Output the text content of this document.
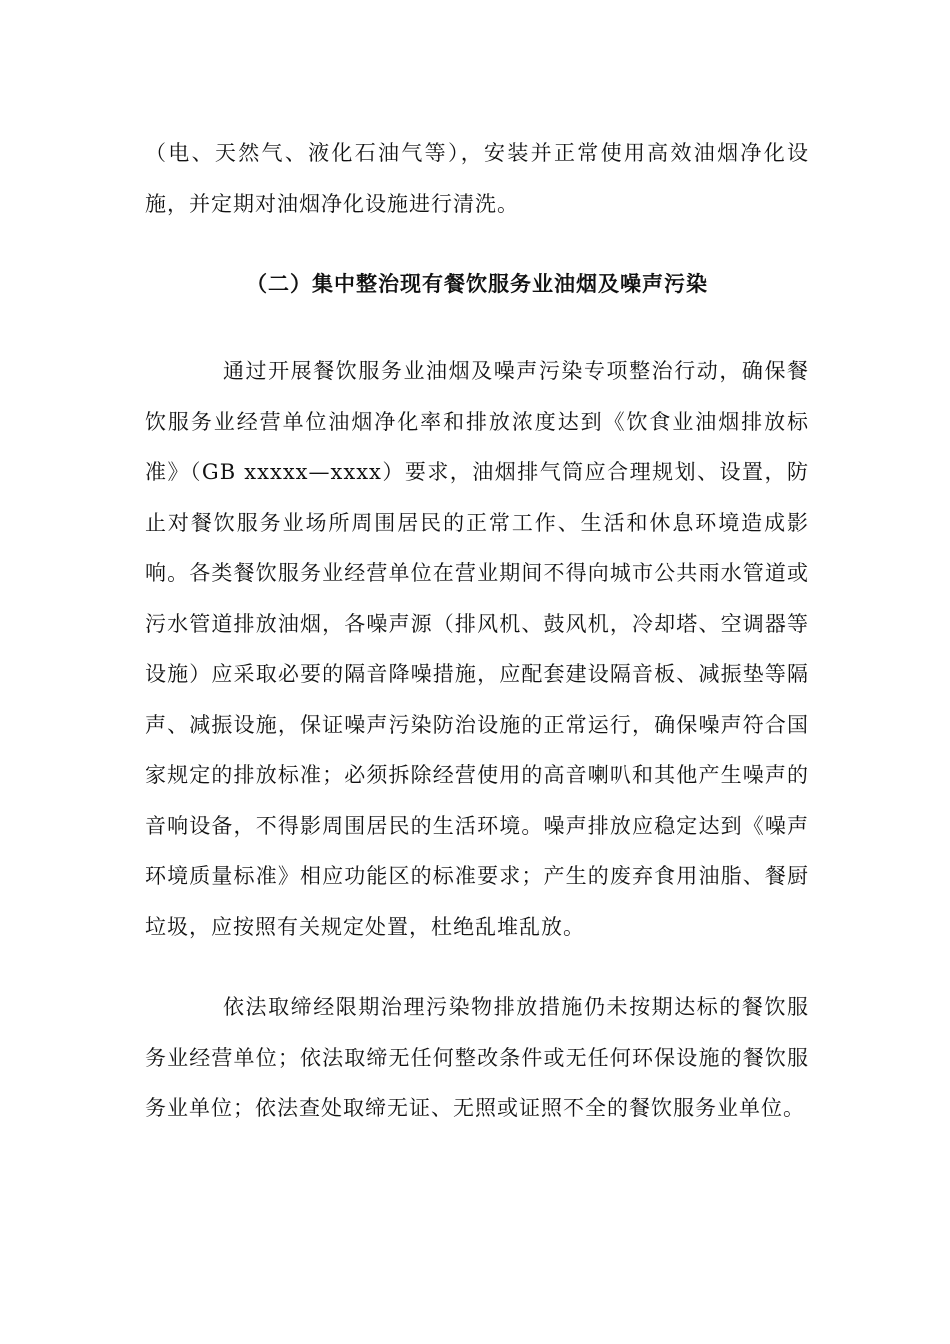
（电、天然气、液化石油气等），安装并正常使用高效油烟净化设施，并定期对油烟净化设施进行清洗。

（二）集中整治现有餐饮服务业油烟及噪声污染

通过开展餐饮服务业油烟及噪声污染专项整治行动，确保餐饮服务业经营单位油烟净化率和排放浓度达到《饮食业油烟排放标准》（GB xxxxx—xxxx）要求，油烟排气筒应合理规划、设置，防止对餐饮服务业场所周围居民的正常工作、生活和休息环境造成影响。各类餐饮服务业经营单位在营业期间不得向城市公共雨水管道或污水管道排放油烟，各噪声源（排风机、鼓风机，冷却塔、空调器等设施）应采取必要的隔音降噪措施，应配套建设隔音板、减振垫等隔声、减振设施，保证噪声污染防治设施的正常运行，确保噪声符合国家规定的排放标准；必须拆除经营使用的高音喇叭和其他产生噪声的音响设备，不得影周围居民的生活环境。噪声排放应稳定达到《噪声环境质量标准》相应功能区的标准要求；产生的废弃食用油脂、餐厨垃圾，应按照有关规定处置，杜绝乱堆乱放。

依法取缔经限期治理污染物排放措施仍未按期达标的餐饮服务业经营单位；依法取缔无任何整改条件或无任何环保设施的餐饮服务业单位；依法查处取缔无证、无照或证照不全的餐饮服务业单位。
